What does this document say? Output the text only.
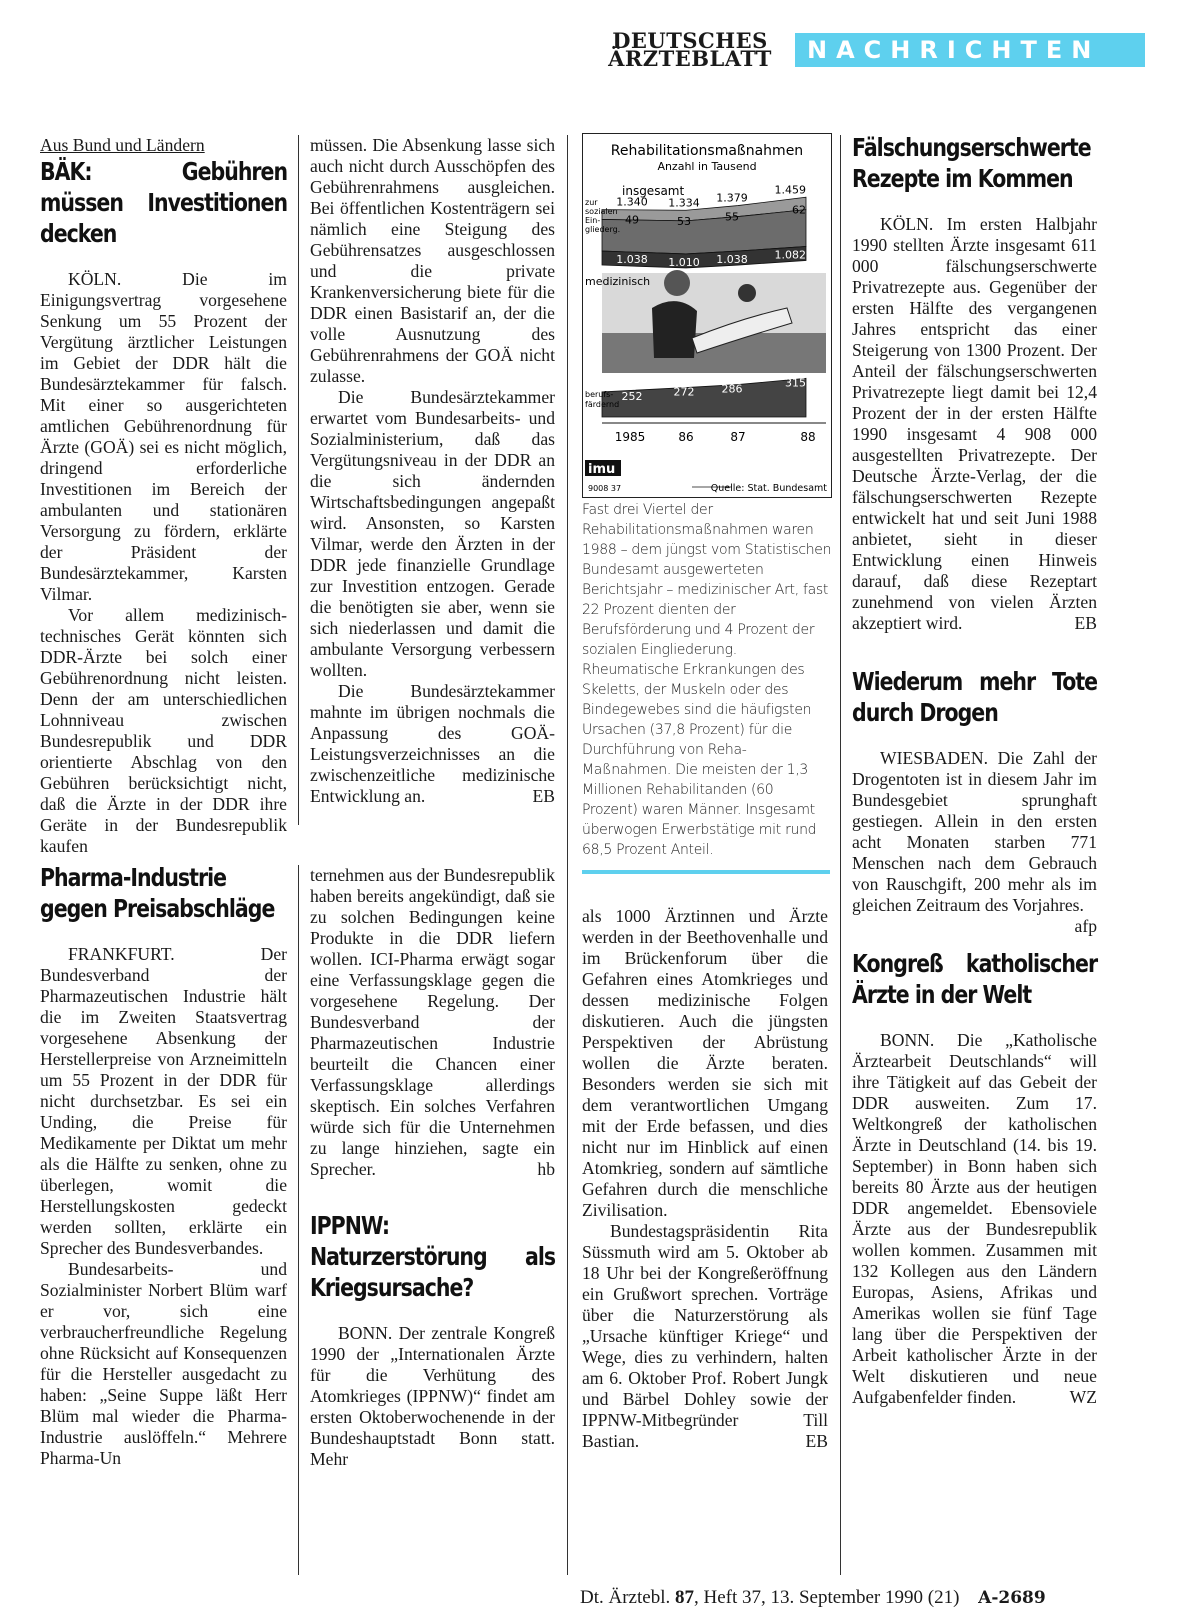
DEUTSCHES
ÄRZTEBLATT	NACHRICHTEN

Aus Bund und Ländern

BÄK: Gebühren müssen Investitionen decken

KÖLN. Die im Einigungsvertrag vorgesehene Senkung um 55 Prozent der Vergütung ärztlicher Leistungen im Gebiet der DDR hält die Bundesärztekammer für falsch. Mit einer so ausgerichteten amtlichen Gebührenordnung für Ärzte (GOÄ) sei es nicht möglich, dringend erforderliche Investitionen im Bereich der ambulanten und stationären Versorgung zu fördern, erklärte der Präsident der Bundesärztekammer, Karsten Vilmar.

Vor allem medizinisch-technisches Gerät könnten sich DDR-Ärzte bei solch einer Gebührenordnung nicht leisten. Denn der am unterschiedlichen Lohnniveau zwischen Bundesrepublik und DDR orientierte Abschlag von den Gebühren berücksichtigt nicht, daß die Ärzte in der DDR ihre Geräte in der Bundesrepublik kaufen

Pharma-Industrie gegen Preisabschläge

FRANKFURT. Der Bundesverband der Pharmazeutischen Industrie hält die im Zweiten Staatsvertrag vorgesehene Absenkung der Herstellerpreise von Arzneimitteln um 55 Prozent in der DDR für nicht durchsetzbar. Es sei ein Unding, die Preise für Medikamente per Diktat um mehr als die Hälfte zu senken, ohne zu überlegen, womit die Herstellungskosten gedeckt werden sollten, erklärte ein Sprecher des Bundesverbandes.

Bundesarbeits- und Sozialminister Norbert Blüm warf er vor, sich eine verbraucherfreundliche Regelung ohne Rücksicht auf Konsequenzen für die Hersteller ausgedacht zu haben: „Seine Suppe läßt Herr Blüm mal wieder die Pharma-Industrie auslöffeln.“ Mehrere Pharma-Un

müssen. Die Absenkung lasse sich auch nicht durch Ausschöpfen des Gebührenrahmens ausgleichen. Bei öffentlichen Kostenträgern sei nämlich eine Steigung des Gebührensatzes ausgeschlossen und die private Krankenversicherung biete für die DDR einen Basistarif an, der die volle Ausnutzung des Gebührenrahmens der GOÄ nicht zulasse.

Die Bundesärztekammer erwartet vom Bundesarbeits- und Sozialministerium, daß das Vergütungsniveau in der DDR an die sich ändernden Wirtschaftsbedingungen angepaßt wird. Ansonsten, so Karsten Vilmar, werde den Ärzten in der DDR jede finanzielle Grundlage zur Investition entzogen. Gerade die benötigten sie aber, wenn sie sich niederlassen und damit die ambulante Versorgung verbessern wollten.

Die Bundesärztekammer mahnte im übrigen nochmals die Anpassung des GOÄ-Leistungsverzeichnisses an die zwischenzeitliche medizinische Entwicklung an.	EB

ternehmen aus der Bundesrepublik haben bereits angekündigt, daß sie zu solchen Bedingungen keine Produkte in die DDR liefern wollen. ICI-Pharma erwägt sogar eine Verfassungsklage gegen die vorgesehene Regelung. Der Bundesverband der Pharmazeutischen Industrie beurteilt die Chancen einer Verfassungsklage allerdings skeptisch. Ein solches Verfahren würde sich für die Unternehmen zu lange hinziehen, sagte ein Sprecher.	hb

IPPNW: Naturzerstörung als Kriegsursache?

BONN. Der zentrale Kongreß 1990 der „Internationalen Ärzte für die Verhütung des Atomkrieges (IPPNW)“ findet am ersten Oktoberwochenende in der Bundeshauptstadt Bonn statt. Mehr

Rehabilitationsmaßnahmen
Anzahl in Tausend
insgesamt
zur
sozialen
Ein-
gliederg.
medizinisch
berufs-
färdernd
1.340 1.334 1.379
1.459
49	53	55
62
1.038 1.010 1.038 1.082
252	272 286	315
1985	86	87	88
imu
9008 37	Quelle: Stat. Bundesamt

Fast drei Viertel der Rehabilitationsmaßnahmen waren 1988 – dem jüngst vom Statistischen Bundesamt ausgewerteten Berichtsjahr – medizinischer Art, fast 22 Prozent dienten der Berufsförderung und 4 Prozent der sozialen Eingliederung. Rheumatische Erkrankungen des Skeletts, der Muskeln oder des Bindegewebes sind die häufigsten Ursachen (37,8 Prozent) für die Durchführung von Reha-Maßnahmen. Die meisten der 1,3 Millionen Rehabilitanden (60 Prozent) waren Männer. Insgesamt überwogen Erwerbstätige mit rund 68,5 Prozent Anteil.

als 1000 Ärztinnen und Ärzte werden in der Beethovenhalle und im Brückenforum über die Gefahren eines Atomkrieges und dessen medizinische Folgen diskutieren. Auch die jüngsten Perspektiven der Abrüstung wollen die Ärzte beraten. Besonders werden sie sich mit dem verantwortlichen Umgang mit der Erde befassen, und dies nicht nur im Hinblick auf einen Atomkrieg, sondern auf sämtliche Gefahren durch die menschliche Zivilisation.

Bundestagspräsidentin Rita Süssmuth wird am 5. Oktober ab 18 Uhr bei der Kongreßeröffnung ein Grußwort sprechen. Vorträge über die Naturzerstörung als „Ursache künftiger Kriege“ und Wege, dies zu verhindern, halten am 6. Oktober Prof. Robert Jungk und Bärbel Dohley sowie der IPPNW-Mitbegründer Till Bastian.	EB

Fälschungserschwerte Rezepte im Kommen

KÖLN. Im ersten Halbjahr 1990 stellten Ärzte insgesamt 611 000 fälschungserschwerte Privatrezepte aus. Gegenüber der ersten Hälfte des vergangenen Jahres entspricht das einer Steigerung von 1300 Prozent. Der Anteil der fälschungserschwerten Privatrezepte liegt damit bei 12,4 Prozent der in der ersten Hälfte 1990 insgesamt 4 908 000 ausgestellten Privatrezepte. Der Deutsche Ärzte-Verlag, der die fälschungserschwerten Rezepte entwickelt hat und seit Juni 1988 anbietet, sieht in dieser Entwicklung einen Hinweis darauf, daß diese Rezeptart zunehmend von vielen Ärzten akzeptiert wird.	EB

Wiederum mehr Tote durch Drogen

WIESBADEN. Die Zahl der Drogentoten ist in diesem Jahr im Bundesgebiet sprunghaft gestiegen. Allein in den ersten acht Monaten starben 771 Menschen nach dem Gebrauch von Rauschgift, 200 mehr als im gleichen Zeitraum des Vorjahres.
afp

Kongreß katholischer Ärzte in der Welt

BONN. Die „Katholische Ärztearbeit Deutschlands“ will ihre Tätigkeit auf das Gebeit der DDR ausweiten. Zum 17. Weltkongreß der katholischen Ärzte in Deutschland (14. bis 19. September) in Bonn haben sich bereits 80 Ärzte aus der heutigen DDR angemeldet. Ebensoviele Ärzte aus der Bundesrepublik wollen kommen. Zusammen mit 132 Kollegen aus den Ländern Europas, Asiens, Afrikas und Amerikas wollen sie fünf Tage lang über die Perspektiven der Arbeit katholischer Ärzte in der Welt diskutieren und neue Aufgabenfelder finden.	WZ

Dt. Ärztebl. 87, Heft 37, 13. September 1990 (21) A-2689
